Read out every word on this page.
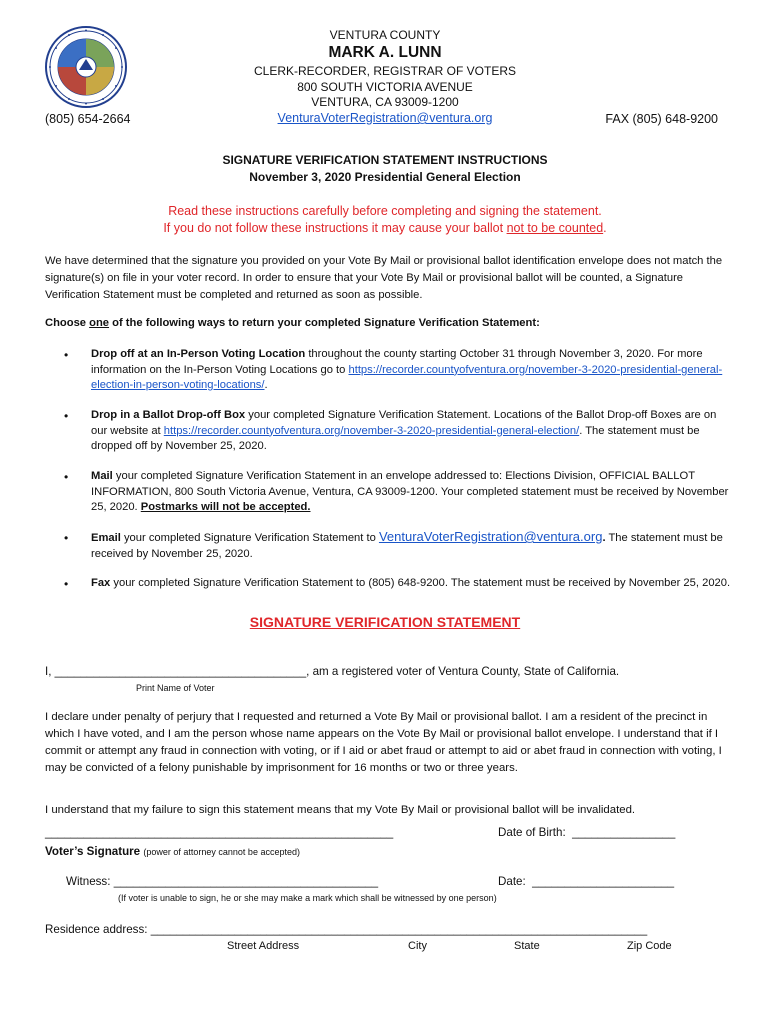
VENTURA COUNTY
MARK A. LUNN
CLERK-RECORDER, REGISTRAR OF VOTERS
800 SOUTH VICTORIA AVENUE
VENTURA, CA 93009-1200
(805) 654-2664	VenturaVoterRegistration@ventura.org	FAX (805) 648-9200
SIGNATURE VERIFICATION STATEMENT INSTRUCTIONS
November 3, 2020 Presidential General Election
Read these instructions carefully before completing and signing the statement.
If you do not follow these instructions it may cause your ballot not to be counted.
We have determined that the signature you provided on your Vote By Mail or provisional ballot identification envelope does not match the signature(s) on file in your voter record. In order to ensure that your Vote By Mail or provisional ballot will be counted, a Signature Verification Statement must be completed and returned as soon as possible.
Choose one of the following ways to return your completed Signature Verification Statement:
• Drop off at an In-Person Voting Location throughout the county starting October 31 through November 3, 2020. For more information on the In-Person Voting Locations go to https://recorder.countyofventura.org/november-3-2020-presidential-general-election-in-person-voting-locations/.
• Drop in a Ballot Drop-off Box your completed Signature Verification Statement. Locations of the Ballot Drop-off Boxes are on our website at https://recorder.countyofventura.org/november-3-2020-presidential-general-election/. The statement must be dropped off by November 25, 2020.
• Mail your completed Signature Verification Statement in an envelope addressed to: Elections Division, OFFICIAL BALLOT INFORMATION, 800 South Victoria Avenue, Ventura, CA 93009-1200. Your completed statement must be received by November 25, 2020. Postmarks will not be accepted.
• Email your completed Signature Verification Statement to VenturaVoterRegistration@ventura.org. The statement must be received by November 25, 2020.
• Fax your completed Signature Verification Statement to (805) 648-9200. The statement must be received by November 25, 2020.
SIGNATURE VERIFICATION STATEMENT
I, _______________________________________, am a registered voter of Ventura County, State of California.
Print Name of Voter
I declare under penalty of perjury that I requested and returned a Vote By Mail or provisional ballot. I am a resident of the precinct in which I have voted, and I am the person whose name appears on the Vote By Mail or provisional ballot envelope. I understand that if I commit or attempt any fraud in connection with voting, or if I aid or abet fraud or attempt to aid or abet fraud in connection with voting, I may be convicted of a felony punishable by imprisonment for 16 months or two or three years.
I understand that my failure to sign this statement means that my Vote By Mail or provisional ballot will be invalidated.
______________________________________________________	Date of Birth: ________________
Voter’s Signature (power of attorney cannot be accepted)
Witness: _________________________________________	Date: ______________________
(If voter is unable to sign, he or she may make a mark which shall be witnessed by one person)
Residence address: _____________________________________________________________________________
Street Address	City	State	Zip Code
